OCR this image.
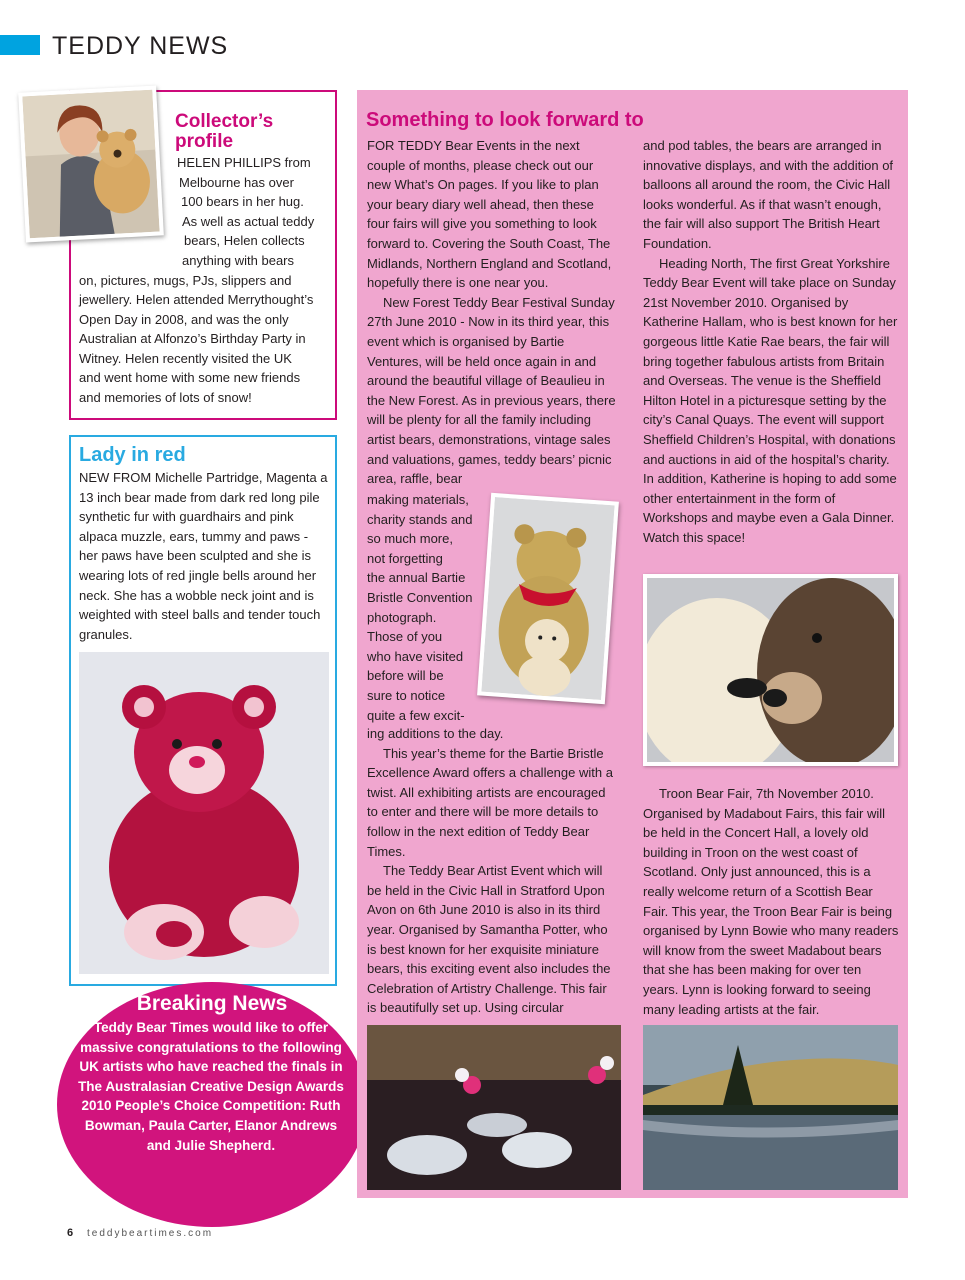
TEDDY NEWS
Collector’s
profile
HELEN PHILLIPS from
Melbourne has over
100 bears in her hug.
As well as actual teddy
bears, Helen collects
anything with bears
on, pictures, mugs, PJs, slippers and
jewellery. Helen attended Merrythought’s
Open Day in 2008, and was the only
Australian at Alfonzo’s Birthday Party in
Witney. Helen recently visited the UK
and went home with some new friends
and memories of lots of snow!
Lady in red
NEW FROM Michelle Partridge, Magenta a 13 inch bear made from dark red long pile synthetic fur with guardhairs and pink alpaca muzzle, ears, tummy and paws - her paws have been sculpted and she is wearing lots of red jingle bells around her neck. She has a wobble neck joint and is weighted with steel balls and tender touch granules.
Breaking News
Teddy Bear Times would like to offer massive congratulations to the following UK artists who have reached the finals in The Australasian Creative Design Awards 2010 People’s Choice Competition: Ruth Bowman, Paula Carter, Elanor Andrews and Julie Shepherd.
6 teddybeartimes.com
Something to look forward to

FOR TEDDY Bear Events in the next couple of months, please check out our new What’s On pages. If you like to plan your beary diary well ahead, then these four fairs will give you something to look forward to. Covering the South Coast, The Midlands, Northern England and Scotland, hopefully there is one near you.

New Forest Teddy Bear Festival Sunday 27th June 2010 - Now in its third year, this event which is organised by Bartie Ventures, will be held once again in and around the beautiful village of Beaulieu in the New Forest. As in previous years, there will be plenty for all the family including artist bears, demonstrations, vintage sales and valuations, games, teddy bears’ picnic area, raffle, bear

making materials,
charity stands and
so much more,
not forgetting
the annual Bartie
Bristle Convention
photograph.
Those of you
who have visited
before will be
sure to notice
quite a few excit-

ing additions to the day.

This year’s theme for the Bartie Bristle Excellence Award offers a challenge with a twist. All exhibiting artists are encouraged to enter and there will be more details to follow in the next edition of Teddy Bear Times.

The Teddy Bear Artist Event which will be held in the Civic Hall in Stratford Upon Avon on 6th June 2010 is also in its third year. Organised by Samantha Potter, who is best known for her exquisite miniature bears, this exciting event also includes the Celebration of Artistry Challenge. This fair is beautifully set up. Using circular

and pod tables, the bears are arranged in innovative displays, and with the addition of balloons all around the room, the Civic Hall looks wonderful. As if that wasn’t enough, the fair will also support The British Heart Foundation.

Heading North, The first Great Yorkshire Teddy Bear Event will take place on Sunday 21st November 2010. Organised by Katherine Hallam, who is best known for her gorgeous little Katie Rae bears, the fair will bring together fabulous artists from Britain and Overseas. The venue is the Sheffield Hilton Hotel in a picturesque setting by the city’s Canal Quays. The event will support Sheffield Children’s Hospital, with donations and auctions in aid of the hospital’s charity. In addition, Katherine is hoping to add some other entertainment in the form of Workshops and maybe even a Gala Dinner. Watch this space!

Troon Bear Fair, 7th November 2010. Organised by Madabout Fairs, this fair will be held in the Concert Hall, a lovely old building in Troon on the west coast of Scotland. Only just announced, this is a really welcome return of a Scottish Bear Fair. This year, the Troon Bear Fair is being organised by Lynn Bowie who many readers will know from the sweet Madabout bears that she has been making for over ten years. Lynn is looking forward to seeing many leading artists at the fair.
